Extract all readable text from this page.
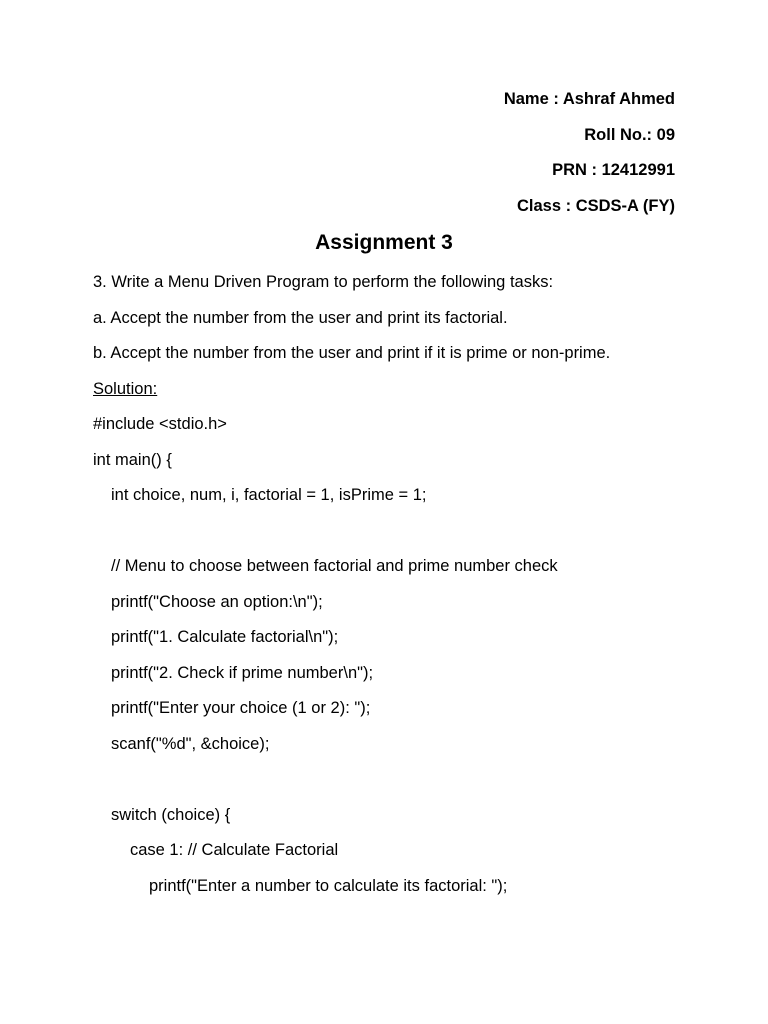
Name : Ashraf Ahmed
Roll No.: 09
PRN : 12412991
Class : CSDS-A (FY)
Assignment 3

3. Write a Menu Driven Program to perform the following tasks:

a. Accept the number from the user and print its factorial.

b. Accept the number from the user and print if it is prime or non-prime.

Solution:
#include <stdio.h>
int main() {
int choice, num, i, factorial = 1, isPrime = 1;
// Menu to choose between factorial and prime number check
printf("Choose an option:\n");
printf("1. Calculate factorial\n");
printf("2. Check if prime number\n");
printf("Enter your choice (1 or 2): ");
scanf("%d", &choice);
switch (choice) {
case 1: // Calculate Factorial
printf("Enter a number to calculate its factorial: ");
